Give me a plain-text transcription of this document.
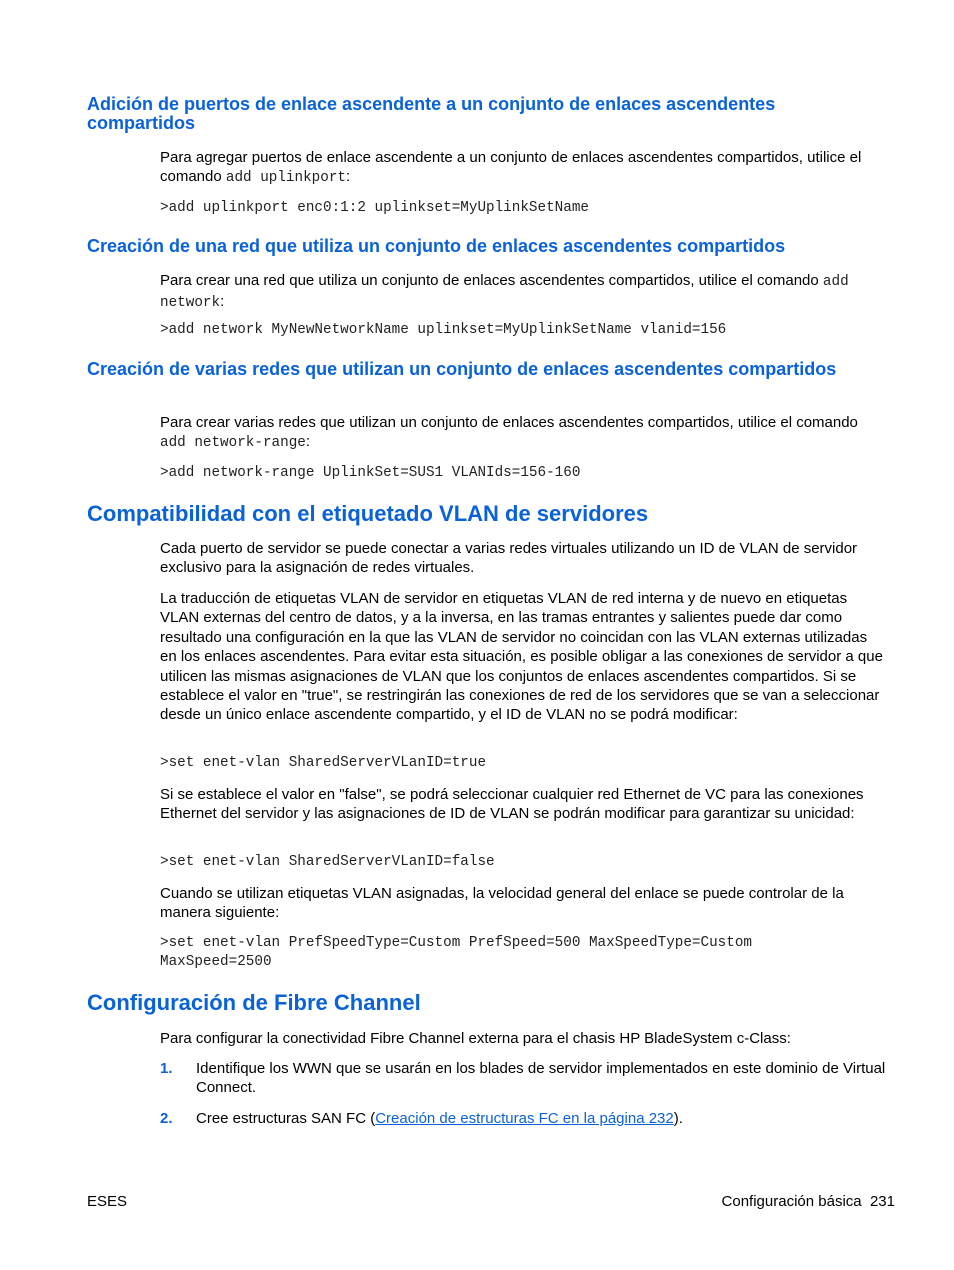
Adición de puertos de enlace ascendente a un conjunto de enlaces ascendentes compartidos
Para agregar puertos de enlace ascendente a un conjunto de enlaces ascendentes compartidos, utilice el comando add uplinkport:
>add uplinkport enc0:1:2 uplinkset=MyUplinkSetName
Creación de una red que utiliza un conjunto de enlaces ascendentes compartidos
Para crear una red que utiliza un conjunto de enlaces ascendentes compartidos, utilice el comando add network:
>add network MyNewNetworkName uplinkset=MyUplinkSetName vlanid=156
Creación de varias redes que utilizan un conjunto de enlaces ascendentes compartidos
Para crear varias redes que utilizan un conjunto de enlaces ascendentes compartidos, utilice el comando add network-range:
>add network-range UplinkSet=SUS1 VLANIds=156-160
Compatibilidad con el etiquetado VLAN de servidores
Cada puerto de servidor se puede conectar a varias redes virtuales utilizando un ID de VLAN de servidor exclusivo para la asignación de redes virtuales.
La traducción de etiquetas VLAN de servidor en etiquetas VLAN de red interna y de nuevo en etiquetas VLAN externas del centro de datos, y a la inversa, en las tramas entrantes y salientes puede dar como resultado una configuración en la que las VLAN de servidor no coincidan con las VLAN externas utilizadas en los enlaces ascendentes. Para evitar esta situación, es posible obligar a las conexiones de servidor a que utilicen las mismas asignaciones de VLAN que los conjuntos de enlaces ascendentes compartidos. Si se establece el valor en "true", se restringirán las conexiones de red de los servidores que se van a seleccionar desde un único enlace ascendente compartido, y el ID de VLAN no se podrá modificar:
>set enet-vlan SharedServerVLanID=true
Si se establece el valor en "false", se podrá seleccionar cualquier red Ethernet de VC para las conexiones Ethernet del servidor y las asignaciones de ID de VLAN se podrán modificar para garantizar su unicidad:
>set enet-vlan SharedServerVLanID=false
Cuando se utilizan etiquetas VLAN asignadas, la velocidad general del enlace se puede controlar de la manera siguiente:
>set enet-vlan PrefSpeedType=Custom PrefSpeed=500 MaxSpeedType=Custom
MaxSpeed=2500
Configuración de Fibre Channel
Para configurar la conectividad Fibre Channel externa para el chasis HP BladeSystem c-Class:
1. Identifique los WWN que se usarán en los blades de servidor implementados en este dominio de Virtual Connect.
2. Cree estructuras SAN FC (Creación de estructuras FC en la página 232).
ESES	Configuración básica 231
